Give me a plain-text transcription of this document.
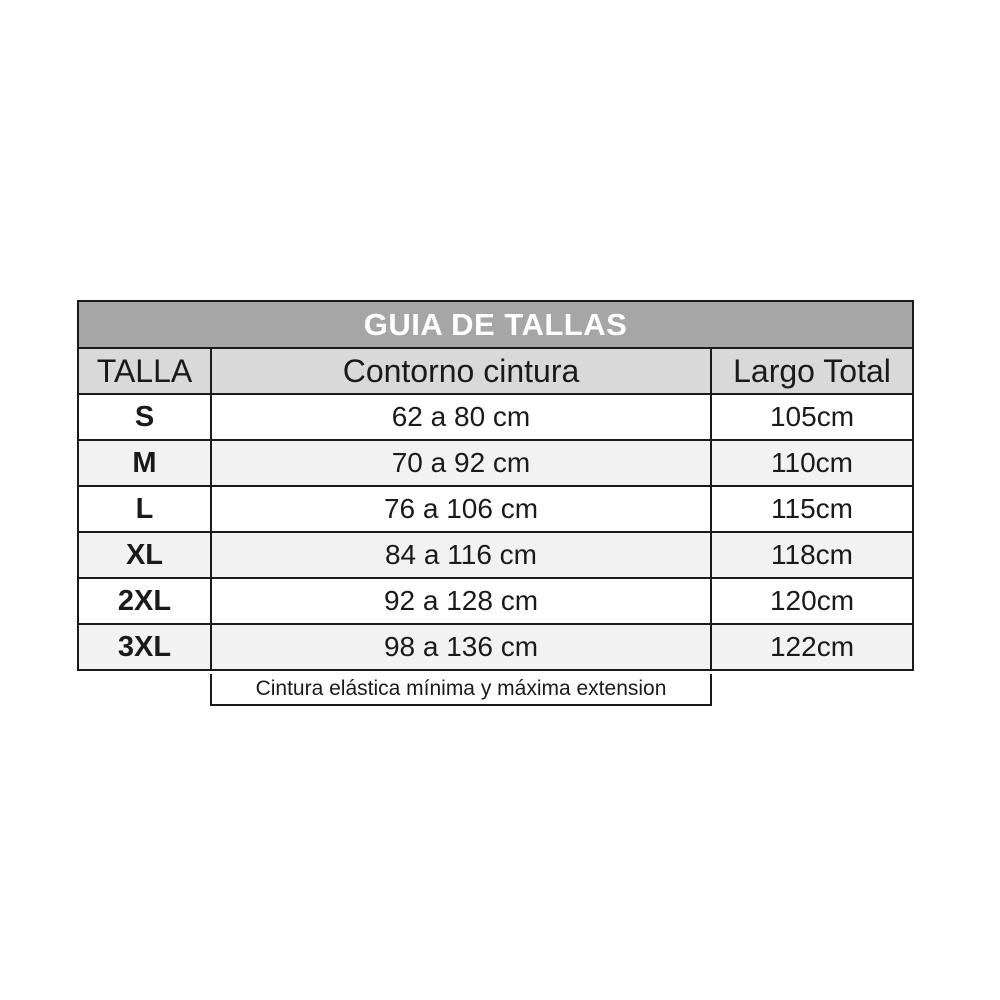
GUIA DE TALLAS		
TALLA	Contorno cintura	Largo Total
S	62 a 80 cm	105cm
M	70 a 92 cm	110cm
L	76 a 106 cm	115cm
XL	84 a 116 cm	118cm
2XL	92 a 128 cm	120cm
3XL	98 a 136 cm	122cm
Cintura elástica mínima y máxima extension
